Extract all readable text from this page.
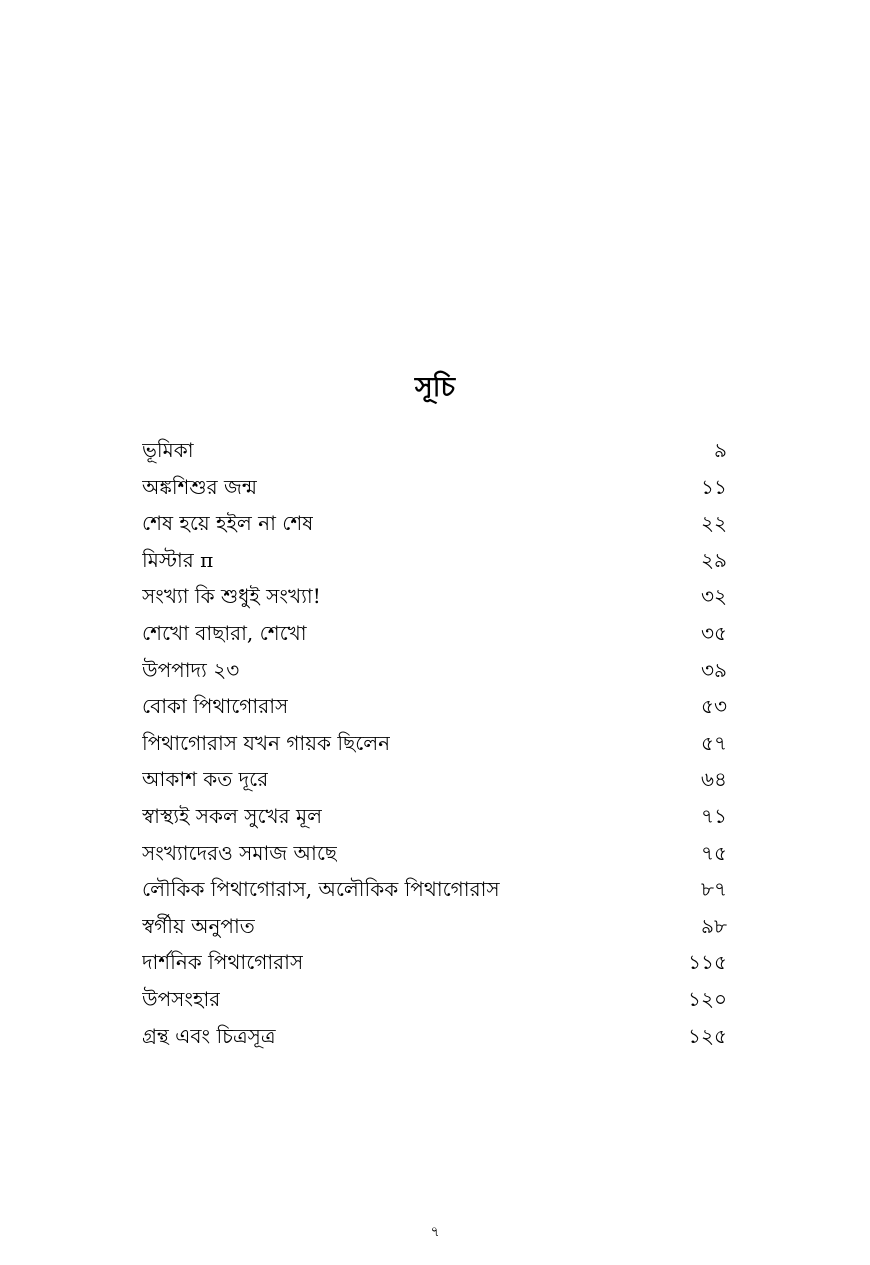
সূচি
ভূমিকা	৯
অঙ্কশিশুর জন্ম	১১
শেষ হয়ে হইল না শেষ	২২
মিস্টার π	২৯
সংখ্যা কি শুধুই সংখ্যা!	৩২
শেখো বাছারা, শেখো	৩৫
উপপাদ্য ২৩	৩৯
বোকা পিথাগোরাস	৫৩
পিথাগোরাস যখন গায়ক ছিলেন	৫৭
আকাশ কত দূরে	৬৪
স্বাস্থ্যই সকল সুখের মূল	৭১
সংখ্যাদেরও সমাজ আছে	৭৫
লৌকিক পিথাগোরাস, অলৌকিক পিথাগোরাস	৮৭
স্বর্গীয় অনুপাত	৯৮
দার্শনিক পিথাগোরাস	১১৫
উপসংহার	১২০
গ্রন্থ এবং চিত্রসূত্র	১২৫
৭
